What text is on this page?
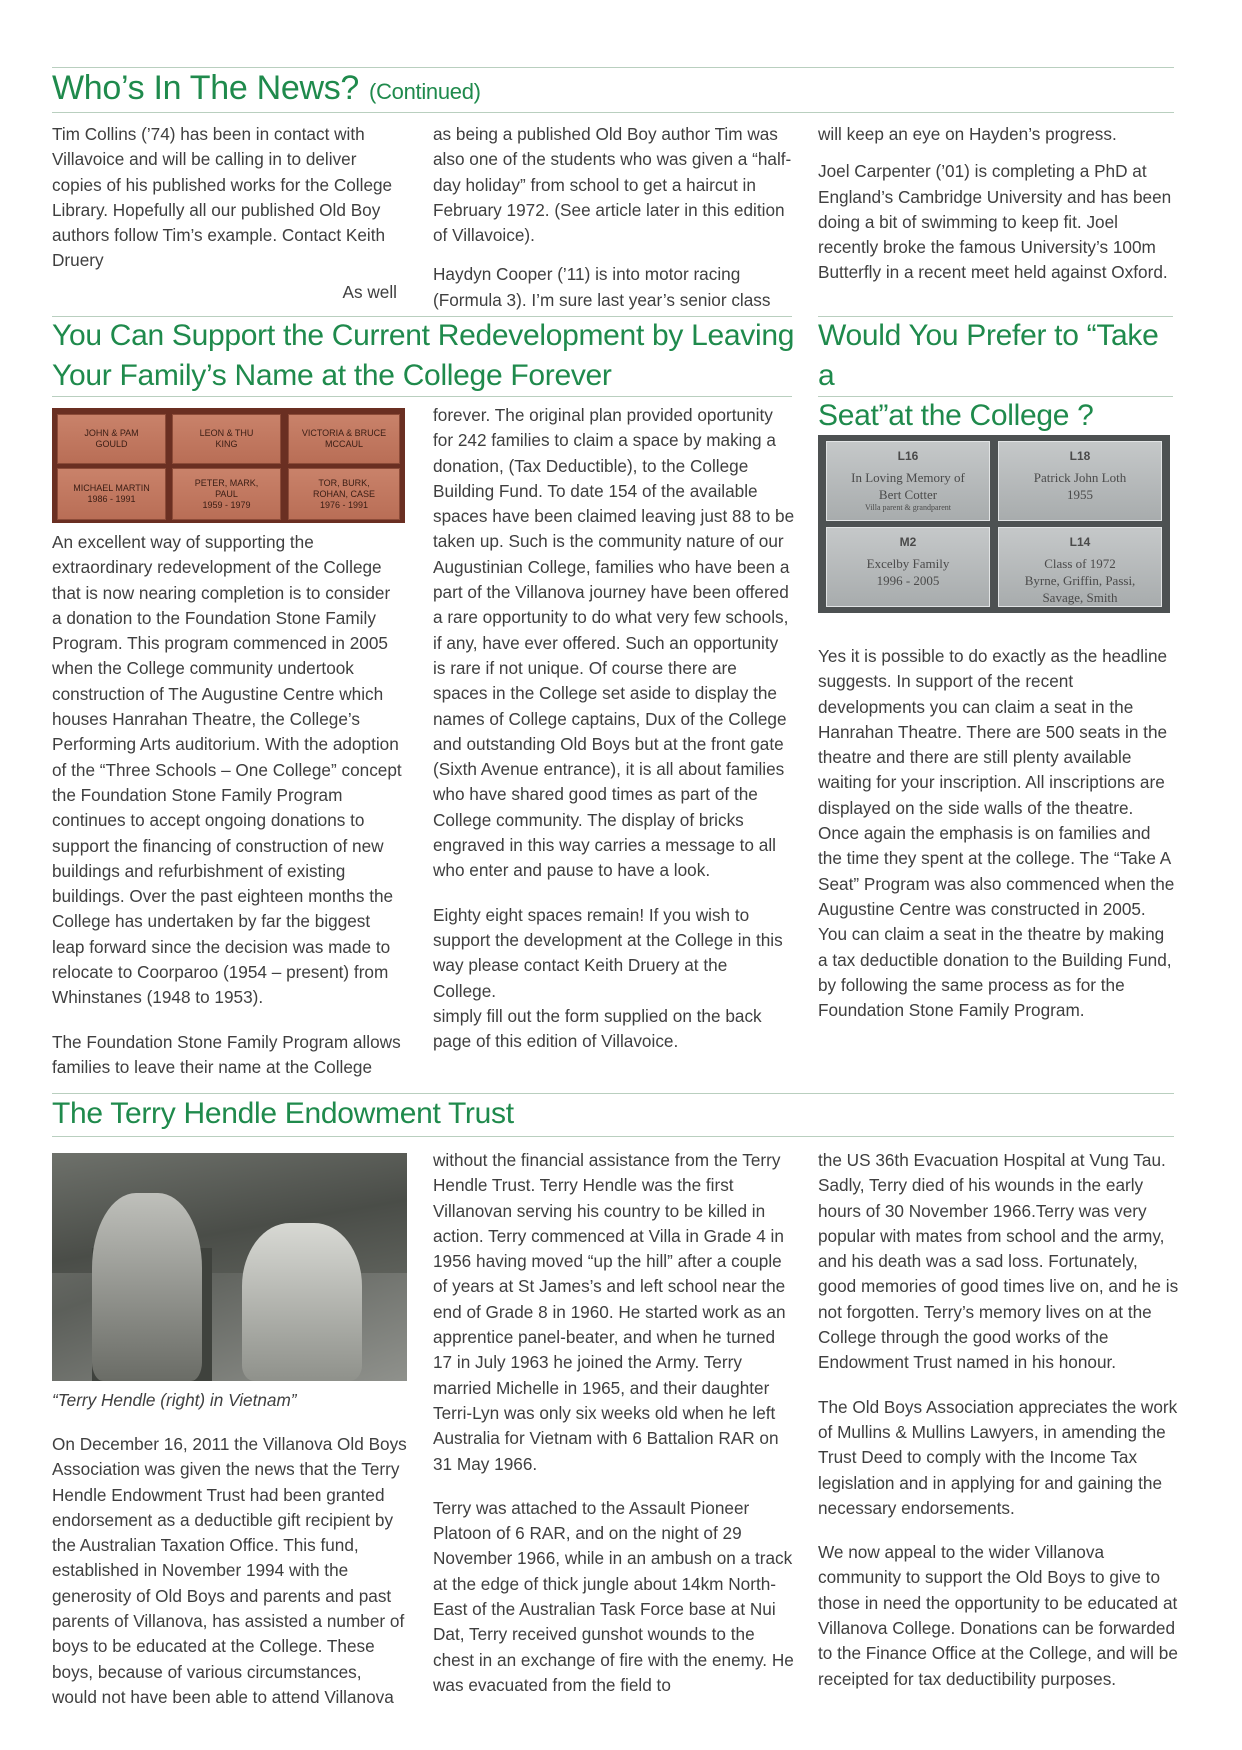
Who’s In The News? (Continued)

Tim Collins (’74) has been in contact with Villavoice and will be calling in to deliver copies of his published works for the College Library. Hopefully all our published Old Boy authors follow Tim’s example. Contact Keith Druery

As well

as being a published Old Boy author Tim was also one of the students who was given a “half-day holiday” from school to get a haircut in February 1972. (See article later in this edition of Villavoice).

Haydyn Cooper (’11) is into motor racing (Formula 3). I’m sure last year’s senior class

will keep an eye on Hayden’s progress.

Joel Carpenter (’01) is completing a PhD at England’s Cambridge University and has been doing a bit of swimming to keep fit. Joel recently broke the famous University’s 100m Butterfly in a recent meet held against Oxford.

You Can Support the Current Redevelopment by Leaving
Your Family’s Name at the College Forever
JOHN & PAM
GOULD
LEON & THU
KING
VICTORIA & BRUCE
MCCAUL
MICHAEL MARTIN
1986 - 1991
PETER, MARK,
PAUL
1959 - 1979
TOR, BURK,
ROHAN, CASE
1976 - 1991

An excellent way of supporting the extraordinary redevelopment of the College that is now nearing completion is to consider a donation to the Foundation Stone Family Program. This program commenced in 2005 when the College community undertook construction of The Augustine Centre which houses Hanrahan Theatre, the College’s Performing Arts auditorium. With the adoption of the “Three Schools – One College” concept the Foundation Stone Family Program continues to accept ongoing donations to support the financing of construction of new buildings and refurbishment of existing buildings. Over the past eighteen months the College has undertaken by far the biggest leap forward since the decision was made to relocate to Coorparoo (1954 – present) from Whinstanes (1948 to 1953).

The Foundation Stone Family Program allows families to leave their name at the College

forever. The original plan provided oportunity for 242 families to claim a space by making a donation, (Tax Deductible), to the College Building Fund. To date 154 of the available spaces have been claimed leaving just 88 to be taken up. Such is the community nature of our Augustinian College, families who have been a part of the Villanova journey have been offered a rare opportunity to do what very few schools, if any, have ever offered. Such an opportunity is rare if not unique. Of course there are spaces in the College set aside to display the names of College captains, Dux of the College and outstanding Old Boys but at the front gate (Sixth Avenue entrance), it is all about families who have shared good times as part of the College community. The display of bricks engraved in this way carries a message to all who enter and pause to have a look.

Eighty eight spaces remain! If you wish to support the development at the College in this way please contact Keith Druery at the College.

simply fill out the form supplied on the back page of this edition of Villavoice.

Would You Prefer to “Take a
Seat”at the College ?
L16
In Loving Memory of
Bert Cotter
Villa parent & grandparent
L18
Patrick John Loth
1955
M2
Excelby Family
1996 - 2005
L14
Class of 1972
Byrne, Griffin, Passi,
Savage, Smith

Yes it is possible to do exactly as the headline suggests. In support of the recent developments you can claim a seat in the Hanrahan Theatre. There are 500 seats in the theatre and there are still plenty available waiting for your inscription. All inscriptions are displayed on the side walls of the theatre. Once again the emphasis is on families and the time they spent at the college. The “Take A Seat” Program was also commenced when the Augustine Centre was constructed in 2005. You can claim a seat in the theatre by making a tax deductible donation to the Building Fund, by following the same process as for the Foundation Stone Family Program.

The Terry Hendle Endowment Trust
“Terry Hendle (right) in Vietnam”

On December 16, 2011 the Villanova Old Boys Association was given the news that the Terry Hendle Endowment Trust had been granted endorsement as a deductible gift recipient by the Australian Taxation Office. This fund, established in November 1994 with the generosity of Old Boys and parents and past parents of Villanova, has assisted a number of boys to be educated at the College. These boys, because of various circumstances, would not have been able to attend Villanova

without the financial assistance from the Terry Hendle Trust. Terry Hendle was the first Villanovan serving his country to be killed in action. Terry commenced at Villa in Grade 4 in 1956 having moved “up the hill” after a couple of years at St James’s and left school near the end of Grade 8 in 1960. He started work as an apprentice panel-beater, and when he turned 17 in July 1963 he joined the Army. Terry married Michelle in 1965, and their daughter Terri-Lyn was only six weeks old when he left Australia for Vietnam with 6 Battalion RAR on 31 May 1966.

Terry was attached to the Assault Pioneer Platoon of 6 RAR, and on the night of 29 November 1966, while in an ambush on a track at the edge of thick jungle about 14km North-East of the Australian Task Force base at Nui Dat, Terry received gunshot wounds to the chest in an exchange of fire with the enemy. He was evacuated from the field to

the US 36th Evacuation Hospital at Vung Tau. Sadly, Terry died of his wounds in the early hours of 30 November 1966.Terry was very popular with mates from school and the army, and his death was a sad loss. Fortunately, good memories of good times live on, and he is not forgotten. Terry’s memory lives on at the College through the good works of the Endowment Trust named in his honour.

The Old Boys Association appreciates the work of Mullins & Mullins Lawyers, in amending the Trust Deed to comply with the Income Tax legislation and in applying for and gaining the necessary endorsements.

We now appeal to the wider Villanova community to support the Old Boys to give to those in need the opportunity to be educated at Villanova College. Donations can be forwarded to the Finance Office at the College, and will be receipted for tax deductibility purposes.
